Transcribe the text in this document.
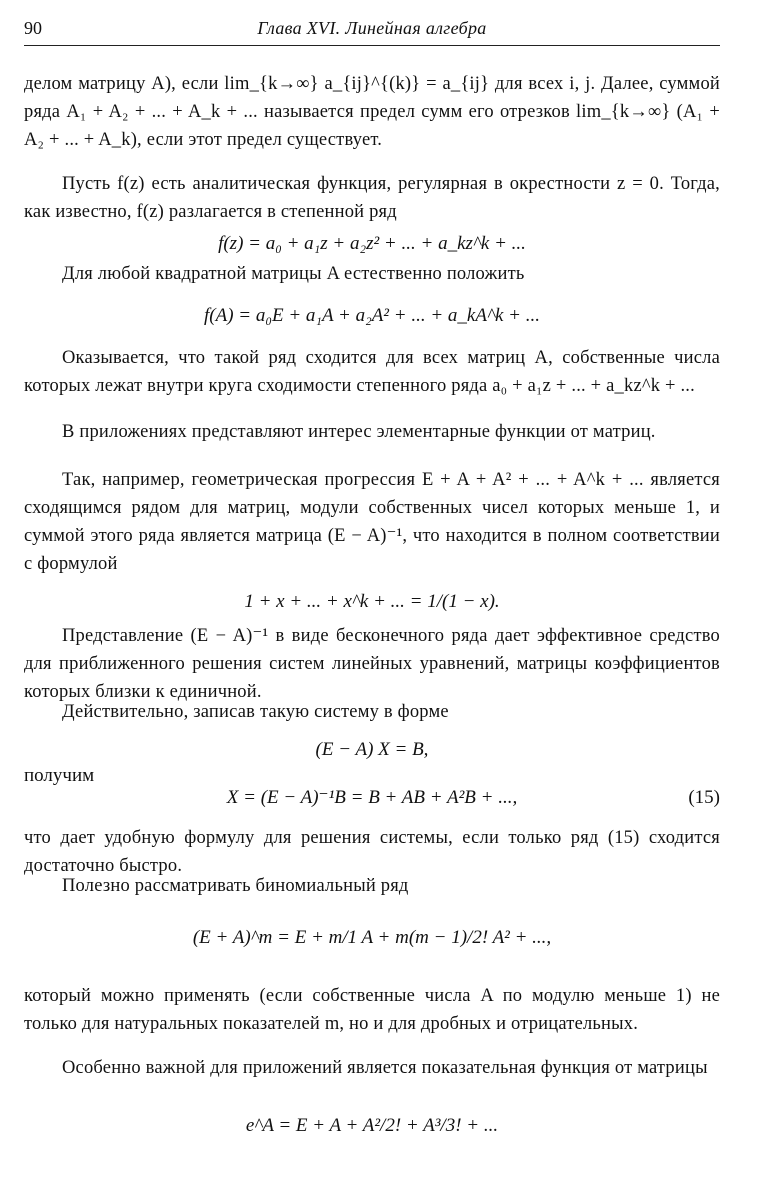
90	Глава XVI. Линейная алгебра

делом матрицу A), если lim_{k→∞} a_{ij}^{(k)} = a_{ij} для всех i, j. Далее, суммой ряда A₁ + A₂ + ... + A_k + ... называется предел сумм его отрезков lim_{k→∞} (A₁ + A₂ + ... + A_k), если этот предел существует.

Пусть f(z) есть аналитическая функция, регулярная в окрестности z = 0. Тогда, как известно, f(z) разлагается в степенной ряд

f(z) = a₀ + a₁z + a₂z² + ... + a_kz^k + ...

Для любой квадратной матрицы A естественно положить

f(A) = a₀E + a₁A + a₂A² + ... + a_kA^k + ...

Оказывается, что такой ряд сходится для всех матриц A, собственные числа которых лежат внутри круга сходимости степенного ряда a₀ + a₁z + ... + a_kz^k + ...

В приложениях представляют интерес элементарные функции от матриц.

Так, например, геометрическая прогрессия E + A + A² + ... + A^k + ... является сходящимся рядом для матриц, модули собственных чисел которых меньше 1, и суммой этого ряда является матрица (E − A)⁻¹, что находится в полном соответствии с формулой

1 + x + ... + x^k + ... = 1/(1 − x).

Представление (E − A)⁻¹ в виде бесконечного ряда дает эффективное средство для приближенного решения систем линейных уравнений, матрицы коэффициентов которых близки к единичной.

Действительно, записав такую систему в форме

(E − A) X = B,

получим

X = (E − A)⁻¹B = B + AB + A²B + ...,	(15)

что дает удобную формулу для решения системы, если только ряд (15) сходится достаточно быстро.

Полезно рассматривать биномиальный ряд

(E + A)^m = E + m/1 A + m(m − 1)/2! A² + ...,

который можно применять (если собственные числа A по модулю меньше 1) не только для натуральных показателей m, но и для дробных и отрицательных.

Особенно важной для приложений является показательная функция от матрицы

e^A = E + A + A²/2! + A³/3! + ...
